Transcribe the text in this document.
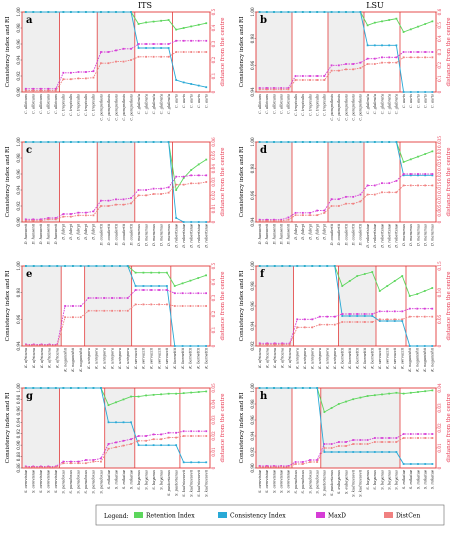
ITS	LSU
a
0.90
0.92
0.94
0.96
0.98
1.00
0
0.1
0.2
0.3
0.4
0.5
Consistency index and RI	distance from the centre
C. albicans C. albicans C. albicans C. albicans C. albicans C. tropicalis C. tropicalis C. tropicalis C. tropicalis C. tropicalis C. parapsilosis C. parapsilosis C. parapsilosis C. parapsilosis C. parapsilosis C. glabrata C. glabrata C. glabrata C. glabrata C. glabrata C. auris C. auris C. auris C. auris C. auris
b
0.94
0.96
0.98
1.00
0
0.1
0.2
0.3
0.4
0.5
0.6
Consistency index and RI	distance from the centre
C. albicans C. albicans C. albicans C. albicans C. albicans C. tropicalis C. tropicalis C. tropicalis C. tropicalis C. tropicalis C. parapsilosis C. parapsilosis C. parapsilosis C. parapsilosis C. parapsilosis C. glabrata C. glabrata C. glabrata C. glabrata C. glabrata C. auris C. auris C. auris C. auris C. auris
c
0.90
0.92
0.94
0.96
0.98
1.00
0
0.01
0.02
0.03
0.04
0.05
0.06
Consistency index and RI	distance from the centre
D. hansenii D. hansenii D. hansenii D. hansenii D. hansenii D. fabryi D. fabryi D. fabryi D. fabryi D. fabryi D. coudertii D. coudertii D. coudertii D. coudertii D. coudertii D. maramus D. maramus D. maramus D. maramus D. maramus D. robertsiae D. robertsiae D. robertsiae D. robertsiae D. robertsiae
d
0.94
0.96
0.98
1.00
0
0.005
0.01
0.015
0.02
0.025
0.03
0.035
Consistency index and RI	distance from the centre
D. hansenii D. hansenii D. hansenii D. hansenii D. hansenii D. fabryi D. fabryi D. fabryi D. fabryi D. fabryi D. coudertii D. coudertii D. coudertii D. coudertii D. coudertii D. robertsiae D. robertsiae D. robertsiae D. robertsiae D. robertsiae D. maramus D. maramus D. maramus D. maramus D. maramus
e
0.94
0.96
0.98
1.00
0
0.1
0.2
0.3
0.4
0.5
Consistency index and RI	distance from the centre
K. africana K. africana K. africana K. africana K. africana K. naganishii K. naganishii K. naganishii K. unispora K. unispora K. unispora K. unispora K. unispora K. unispora K. servazzii K. servazzii K. servazzii K. servazzii K. servazzii K. barnettii K. barnettii K. barnettii K. barnettii K. barnettii
f
0.92
0.94
0.96
0.98
1.00
0
0.05
0.10
0.15
Consistency index and RI	distance from the centre
K. africana K. africana K. africana K. africana K. africana K. unispora K. unispora K. unispora K. unispora K. unispora K. unispora K. barnettii K. barnettii K. barnettii K. barnettii K. barnettii K. servazzii K. servazzii K. servazzii K. servazzii K. naganishii K. naganishii K. naganishii K. naganishii
g
0.86
0.88
0.90
0.92
0.94
0.96
0.98
1.00
0
0.01
0.02
0.03
0.04
0.05
Consistency index and RI	distance from the centre
S. cerevisiae S. cerevisiae S. cerevisiae S. cerevisiae S. cerevisiae S. paradoxus S. paradoxus S. paradoxus S. paradoxus S. paradoxus S. paradoxus S. mikatae S. mikatae S. mikatae S. mikatae S. bayanus S. bayanus S. bayanus S. bayanus S. pastorianus S. pastorianus S. kudriavzevii S. kudriavzevii S. kudriavzevii S. kudriavzevii
h
0.90
0.92
0.94
0.96
0.98
1.00
0
0.01
0.02
0.03
0.04
Consistency index and RI	distance from the centre
S. cerevisiae S. cerevisiae S. cerevisiae S. cerevisiae S. cerevisiae S. paradoxus S. paradoxus S. paradoxus S. paradoxus S. pastorianus S. pastorianus S. eubayanus S. eubayanus S. kudriavzevii S. kudriavzevii S. bayanus S. bayanus S. bayanus S. bayanus S. bayanus S. mikatae S. mikatae S. mikatae S. mikatae S. mikatae
Legend:	Retention Index	Consistency Index	MaxD	DistCen
